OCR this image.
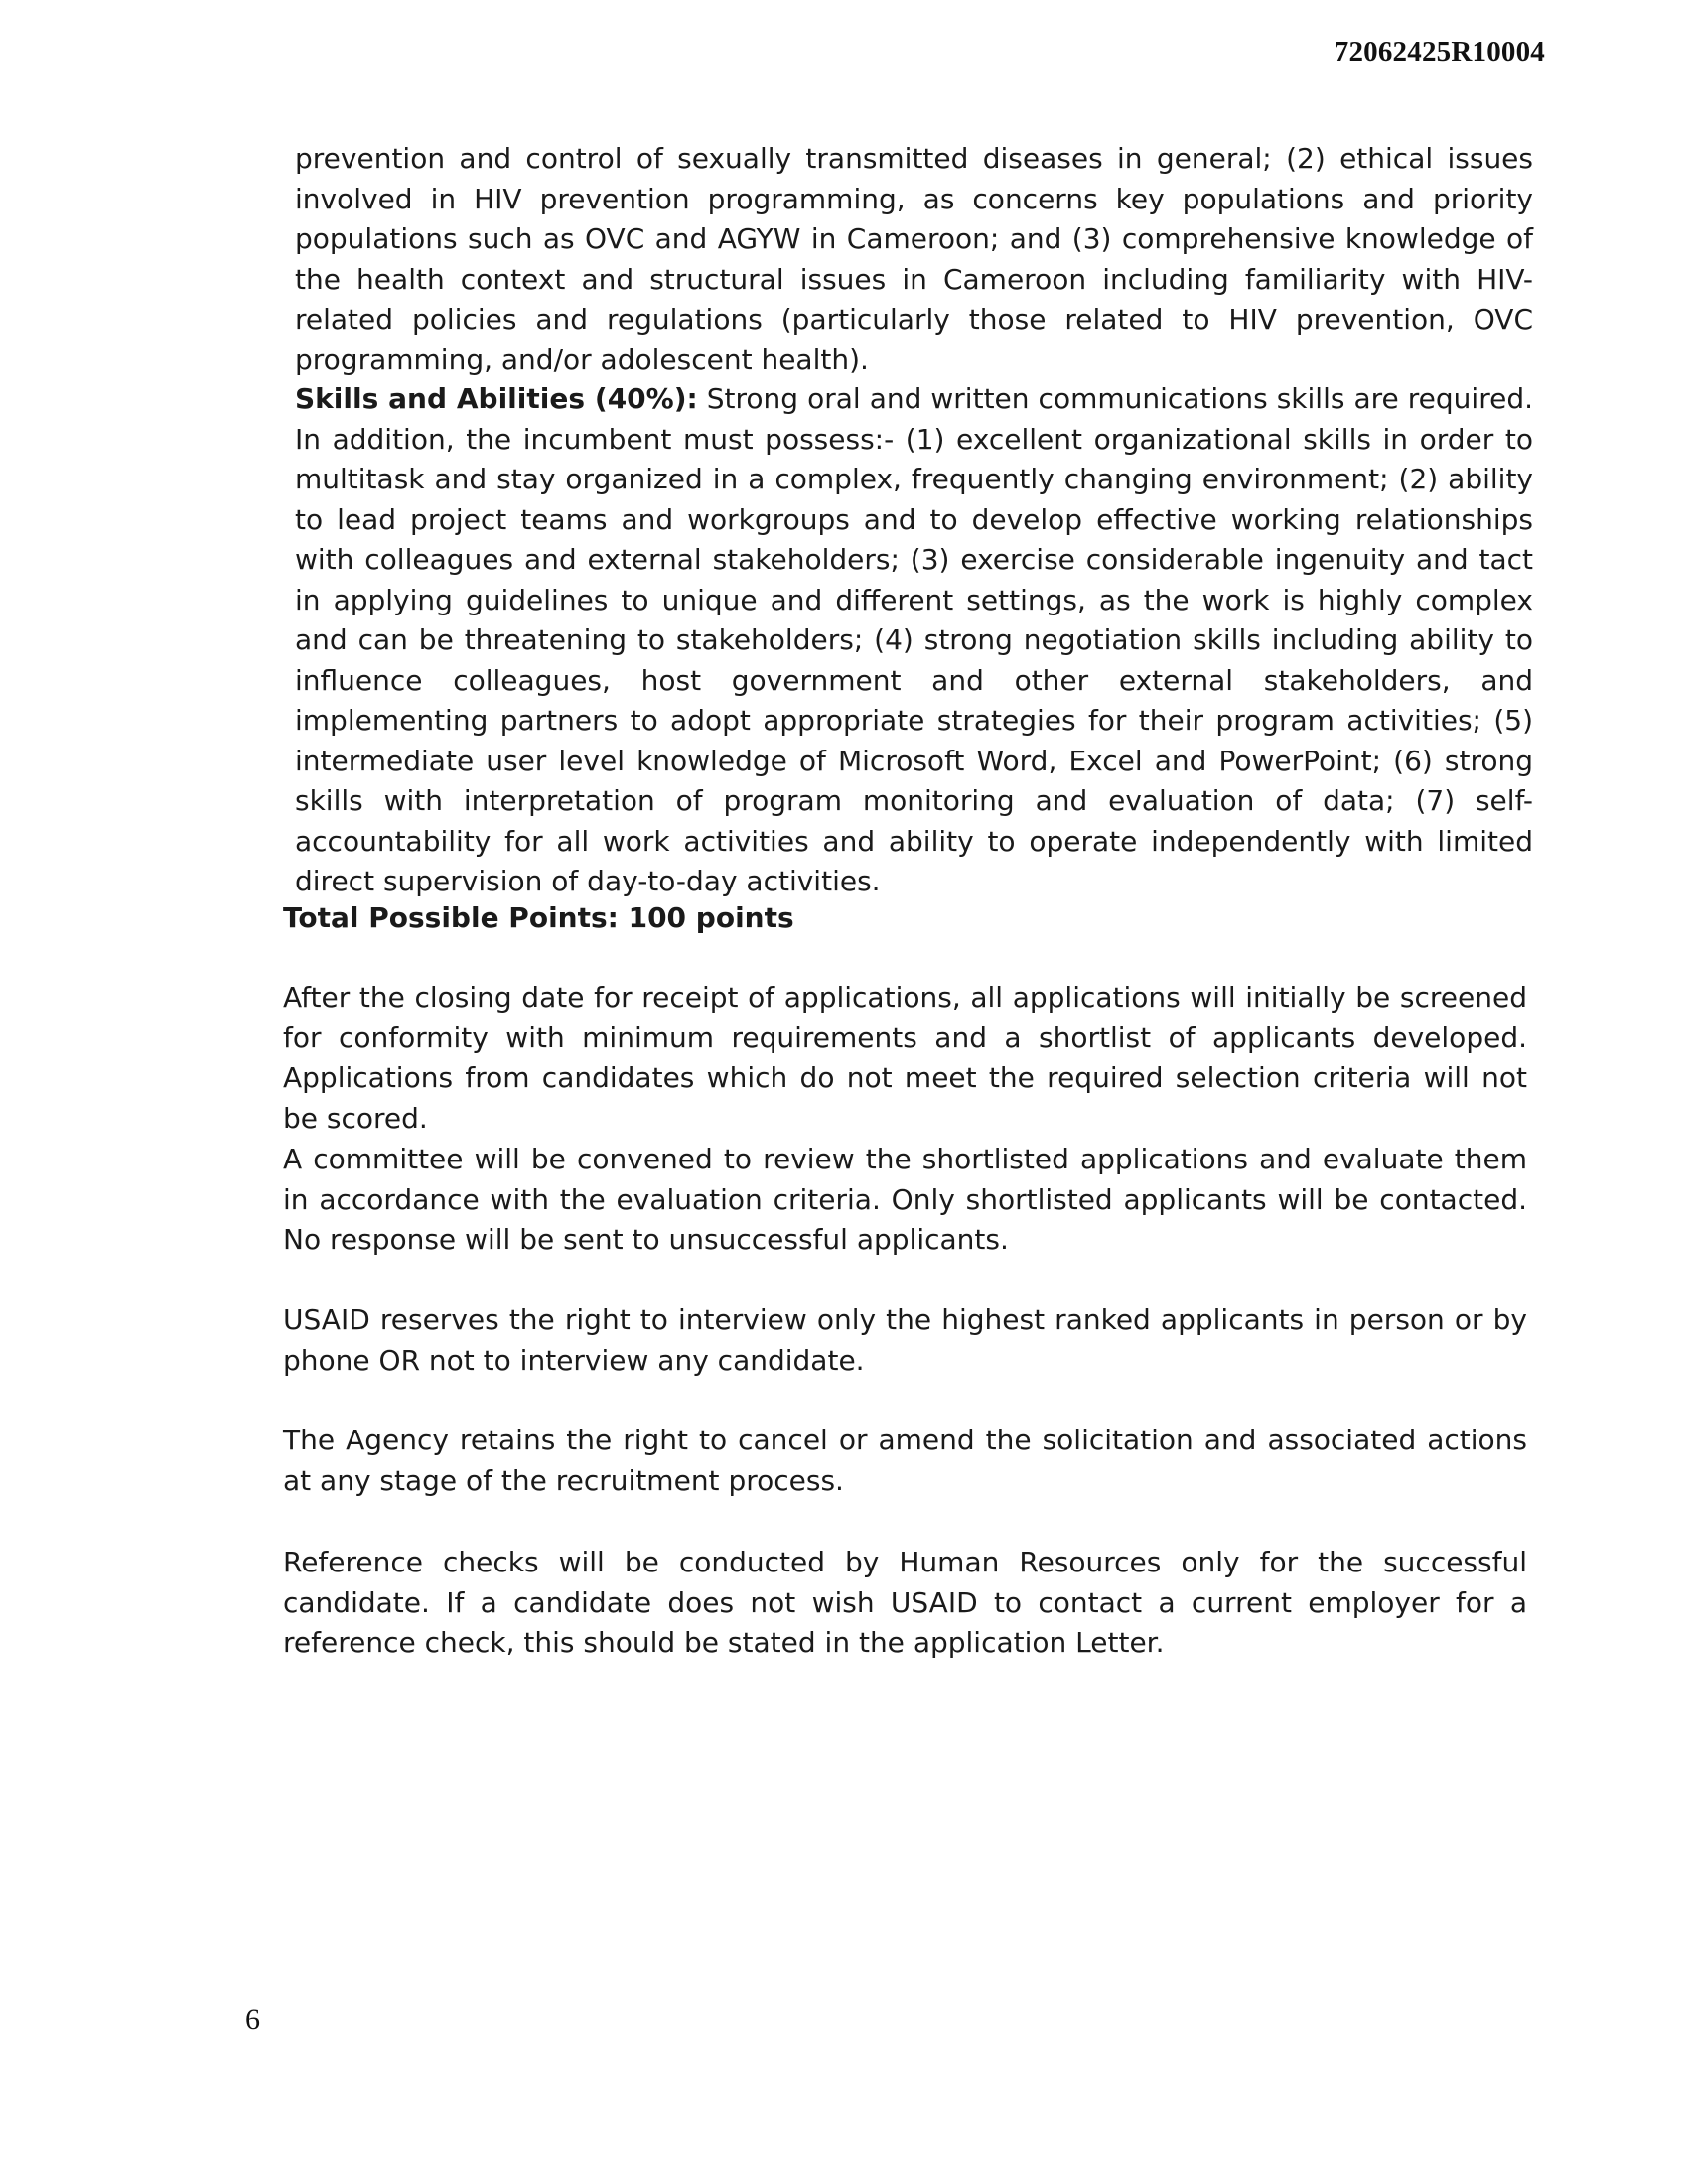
72062425R10004

prevention and control of sexually transmitted diseases in general; (2) ethical issues involved in HIV prevention programming, as concerns key populations and priority populations such as OVC and AGYW in Cameroon; and (3) comprehensive knowledge of the health context and structural issues in Cameroon including familiarity with HIV-related policies and regulations (particularly those related to HIV prevention, OVC programming, and/or adolescent health).

Skills and Abilities (40%): Strong oral and written communications skills are required. In addition, the incumbent must possess:- (1) excellent organizational skills in order to multitask and stay organized in a complex, frequently changing environment; (2) ability to lead project teams and workgroups and to develop effective working relationships with colleagues and external stakeholders; (3) exercise considerable ingenuity and tact in applying guidelines to unique and different settings, as the work is highly complex and can be threatening to stakeholders; (4) strong negotiation skills including ability to influence colleagues, host government and other external stakeholders, and implementing partners to adopt appropriate strategies for their program activities; (5) intermediate user level knowledge of Microsoft Word, Excel and PowerPoint; (6) strong skills with interpretation of program monitoring and evaluation of data; (7) self-accountability for all work activities and ability to operate independently with limited direct supervision of day-to-day activities.

Total Possible Points: 100 points

After the closing date for receipt of applications, all applications will initially be screened for conformity with minimum requirements and a shortlist of applicants developed. Applications from candidates which do not meet the required selection criteria will not be scored.

A committee will be convened to review the shortlisted applications and evaluate them in accordance with the evaluation criteria. Only shortlisted applicants will be contacted. No response will be sent to unsuccessful applicants.

USAID reserves the right to interview only the highest ranked applicants in person or by phone OR not to interview any candidate.

The Agency retains the right to cancel or amend the solicitation and associated actions at any stage of the recruitment process.

Reference checks will be conducted by Human Resources only for the successful candidate. If a candidate does not wish USAID to contact a current employer for a reference check, this should be stated in the application Letter.

6
